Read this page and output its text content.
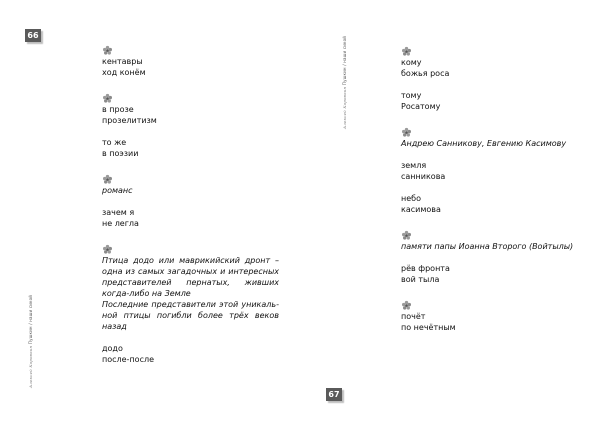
66
Алексей Коровкин Пушкин / наши сикой
кентавры
ход конём
в прозе
прозелитизм
то же
в поэзии
романс
зачем я
не легла
Птица додо или маврикийский дронт –
одна из самых загадочных и интересных
представителей пернатых, живших
когда-либо на Земле
Последние представители этой уникаль-
ной птицы погибли более трёх веков
назад
додо
после-после
67
Алексей Коровкин Пушкин / наши сикой	кому
божья роса
тому
Росатому
Андрею Санникову, Евгению Касимову
земля
санникова
небо
касимова
памяти папы Иоанна Второго (Войтылы)
рёв фронта
вой тыла
почёт
по нечётным
